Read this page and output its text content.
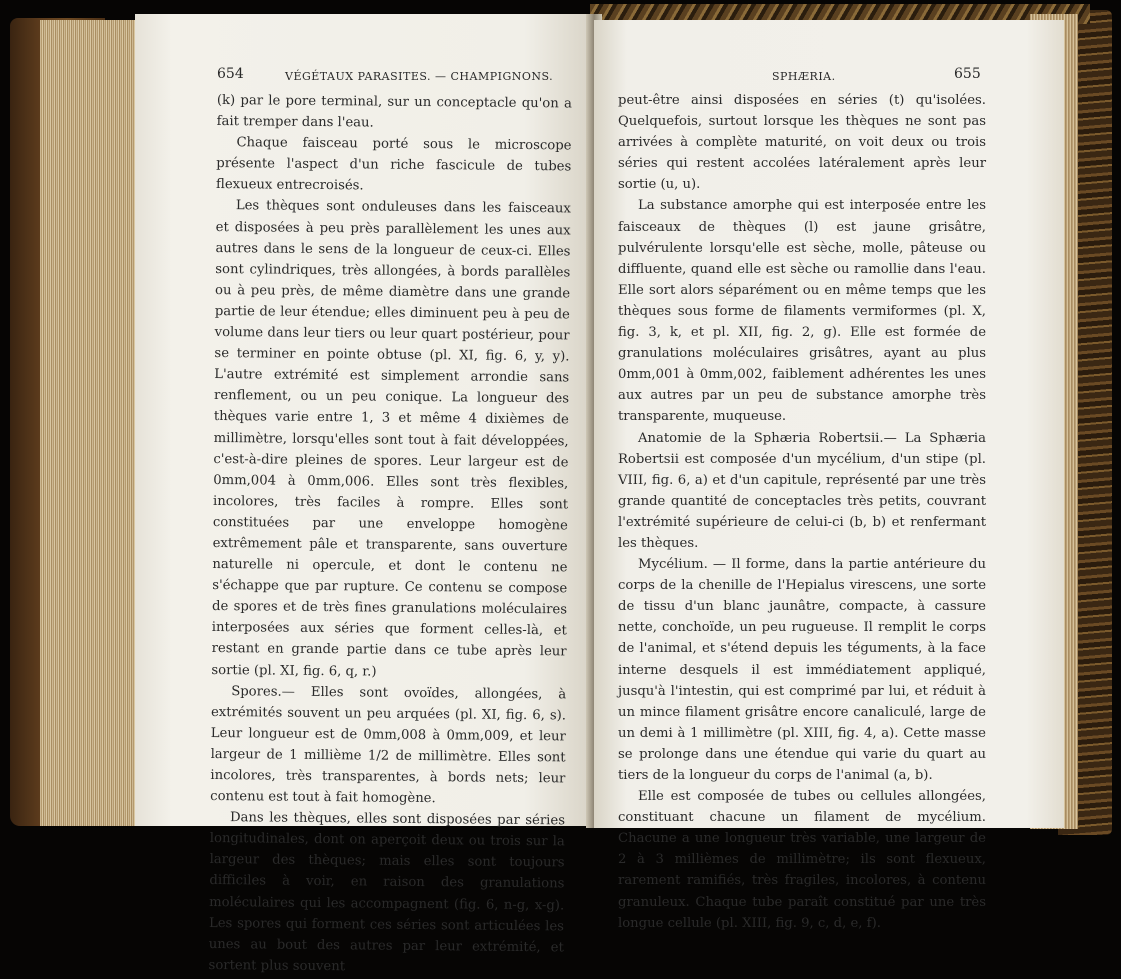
654	VÉGÉTAUX PARASITES. — CHAMPIGNONS.

(k) par le pore terminal, sur un conceptacle qu'on a fait tremper dans l'eau.

Chaque faisceau porté sous le microscope présente l'aspect d'un riche fascicule de tubes flexueux entrecroisés.

Les thèques sont onduleuses dans les faisceaux et disposées à peu près parallèlement les unes aux autres dans le sens de la longueur de ceux-ci. Elles sont cylindriques, très allongées, à bords parallèles ou à peu près, de même diamètre dans une grande partie de leur étendue; elles diminuent peu à peu de volume dans leur tiers ou leur quart postérieur, pour se terminer en pointe obtuse (pl. XI, fig. 6, y, y). L'autre extrémité est simplement arrondie sans renflement, ou un peu conique. La longueur des thèques varie entre 1, 3 et même 4 dixièmes de millimètre, lorsqu'elles sont tout à fait développées, c'est-à-dire pleines de spores. Leur largeur est de 0mm,004 à 0mm,006. Elles sont très flexibles, incolores, très faciles à rompre. Elles sont constituées par une enveloppe homogène extrêmement pâle et transparente, sans ouverture naturelle ni opercule, et dont le contenu ne s'échappe que par rupture. Ce contenu se compose de spores et de très fines granulations moléculaires interposées aux séries que forment celles-là, et restant en grande partie dans ce tube après leur sortie (pl. XI, fig. 6, q, r.)

Spores.— Elles sont ovoïdes, allongées, à extrémités souvent un peu arquées (pl. XI, fig. 6, s). Leur longueur est de 0mm,008 à 0mm,009, et leur largeur de 1 millième 1/2 de millimètre. Elles sont incolores, très transparentes, à bords nets; leur contenu est tout à fait homogène.

Dans les thèques, elles sont disposées par séries longitudinales, dont on aperçoit deux ou trois sur la largeur des thèques; mais elles sont toujours difficiles à voir, en raison des granulations moléculaires qui les accompagnent (fig. 6, n-g, x-g). Les spores qui forment ces séries sont articulées les unes au bout des autres par leur extrémité, et sortent plus souvent

SPHÆRIA.	655

peut-être ainsi disposées en séries (t) qu'isolées. Quelquefois, surtout lorsque les thèques ne sont pas arrivées à complète maturité, on voit deux ou trois séries qui restent accolées latéralement après leur sortie (u, u).

La substance amorphe qui est interposée entre les faisceaux de thèques (l) est jaune grisâtre, pulvérulente lorsqu'elle est sèche, molle, pâteuse ou diffluente, quand elle est sèche ou ramollie dans l'eau. Elle sort alors séparément ou en même temps que les thèques sous forme de filaments vermiformes (pl. X, fig. 3, k, et pl. XII, fig. 2, g). Elle est formée de granulations moléculaires grisâtres, ayant au plus 0mm,001 à 0mm,002, faiblement adhérentes les unes aux autres par un peu de substance amorphe très transparente, muqueuse.

Anatomie de la Sphæria Robertsii.— La Sphæria Robertsii est composée d'un mycélium, d'un stipe (pl. VIII, fig. 6, a) et d'un capitule, représenté par une très grande quantité de conceptacles très petits, couvrant l'extrémité supérieure de celui-ci (b, b) et renfermant les thèques.

Mycélium. — Il forme, dans la partie antérieure du corps de la chenille de l'Hepialus virescens, une sorte de tissu d'un blanc jaunâtre, compacte, à cassure nette, conchoïde, un peu rugueuse. Il remplit le corps de l'animal, et s'étend depuis les téguments, à la face interne desquels il est immédiatement appliqué, jusqu'à l'intestin, qui est comprimé par lui, et réduit à un mince filament grisâtre encore canaliculé, large de un demi à 1 millimètre (pl. XIII, fig. 4, a). Cette masse se prolonge dans une étendue qui varie du quart au tiers de la longueur du corps de l'animal (a, b).

Elle est composée de tubes ou cellules allongées, constituant chacune un filament de mycélium. Chacune a une longueur très variable, une largeur de 2 à 3 millièmes de millimètre; ils sont flexueux, rarement ramifiés, très fragiles, incolores, à contenu granuleux. Chaque tube paraît constitué par une très longue cellule (pl. XIII, fig. 9, c, d, e, f).
